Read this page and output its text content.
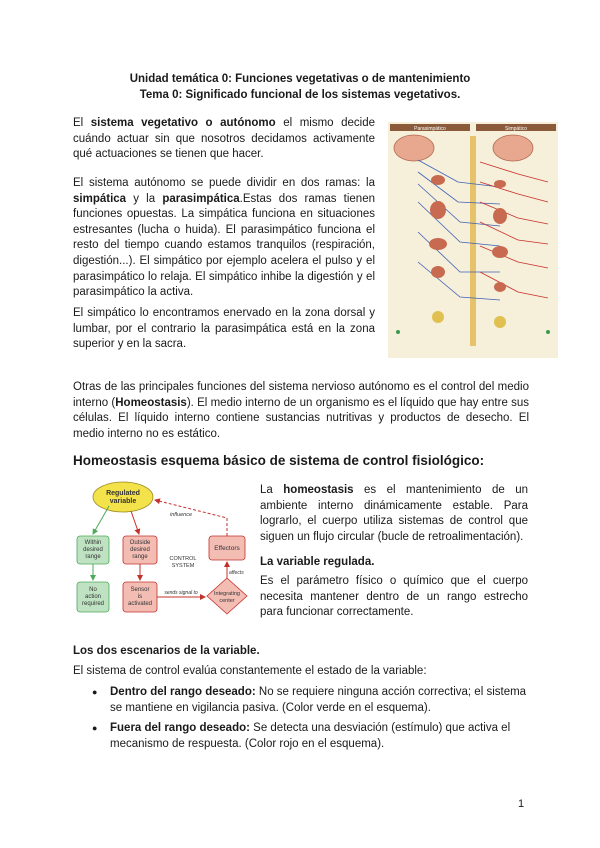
Unidad temática 0: Funciones vegetativas o de mantenimiento
Tema 0: Significado funcional de los sistemas vegetativos.
El sistema vegetativo o autónomo el mismo decide cuándo actuar sin que nosotros decidamos activamente qué actuaciones se tienen que hacer.
El sistema autónomo se puede dividir en dos ramas: la simpática y la parasimpática.Estas dos ramas tienen funciones opuestas. La simpática funciona en situaciones estresantes (lucha o huida). El parasimpático funciona el resto del tiempo cuando estamos tranquilos (respiración, digestión...). El simpático por ejemplo acelera el pulso y el parasimpático lo relaja. El simpático inhibe la digestión y el parasimpático la activa.
El simpático lo encontramos enervado en la zona dorsal y lumbar, por el contrario la parasimpática está en la zona superior y en la sacra.
Parasimpático	Simpático
Otras de las principales funciones del sistema nervioso autónomo es el control del medio interno (Homeostasis). El medio interno de un organismo es el líquido que hay entre sus células. El líquido interno contiene sustancias nutritivas y productos de desecho. El medio interno no es estático.
Homeostasis esquema básico de sistema de control fisiológico:
Regulated
variable
Within
desired
range
Outside
desired
range
Effectors
No
action
required
Sensor
is
activated
Integrating
center
influence
affects
CONTROL
SYSTEM
sends signal to
La homeostasis es el mantenimiento de un ambiente interno dinámicamente estable. Para lograrlo, el cuerpo utiliza sistemas de control que siguen un flujo circular (bucle de retroalimentación).
La variable regulada.
Es el parámetro físico o químico que el cuerpo necesita mantener dentro de un rango estrecho para funcionar correctamente.
Los dos escenarios de la variable.
El sistema de control evalúa constantemente el estado de la variable:
● Dentro del rango deseado: No se requiere ninguna acción correctiva; el sistema se mantiene en vigilancia pasiva. (Color verde en el esquema).
● Fuera del rango deseado: Se detecta una desviación (estímulo) que activa el mecanismo de respuesta. (Color rojo en el esquema).
1
